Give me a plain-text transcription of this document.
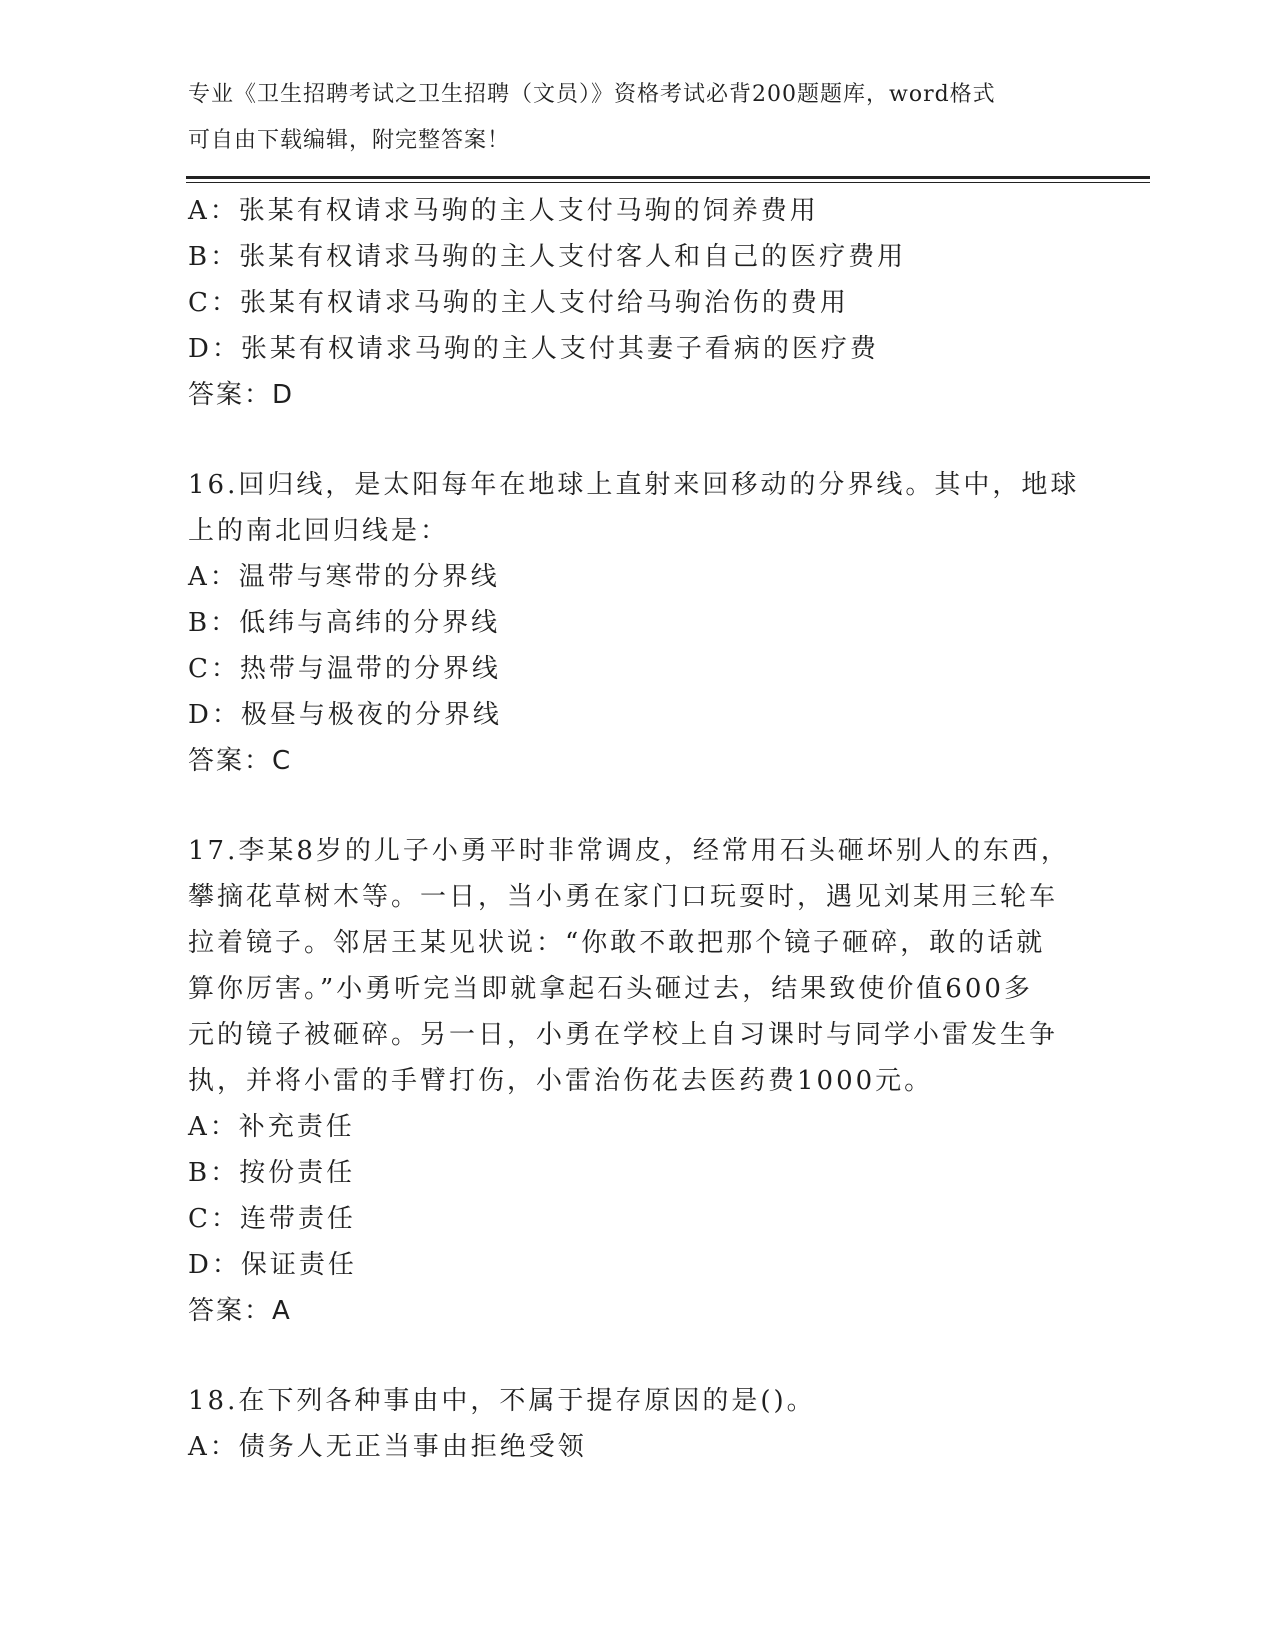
专业《卫生招聘考试之卫生招聘（文员）》资格考试必背200题题库，word格式
可自由下载编辑，附完整答案！
A：张某有权请求马驹的主人支付马驹的饲养费用
B：张某有权请求马驹的主人支付客人和自己的医疗费用
C：张某有权请求马驹的主人支付给马驹治伤的费用
D：张某有权请求马驹的主人支付其妻子看病的医疗费
答案：D
16.回归线，是太阳每年在地球上直射来回移动的分界线。其中，地球
上的南北回归线是：
A：温带与寒带的分界线
B：低纬与高纬的分界线
C：热带与温带的分界线
D：极昼与极夜的分界线
答案：C
17.李某8岁的儿子小勇平时非常调皮，经常用石头砸坏别人的东西，
攀摘花草树木等。一日，当小勇在家门口玩耍时，遇见刘某用三轮车
拉着镜子。邻居王某见状说：“你敢不敢把那个镜子砸碎，敢的话就
算你厉害。”小勇听完当即就拿起石头砸过去，结果致使价值600多
元的镜子被砸碎。另一日，小勇在学校上自习课时与同学小雷发生争
执，并将小雷的手臂打伤，小雷治伤花去医药费1000元。
A：补充责任
B：按份责任
C：连带责任
D：保证责任
答案：A
18.在下列各种事由中，不属于提存原因的是()。
A：债务人无正当事由拒绝受领
